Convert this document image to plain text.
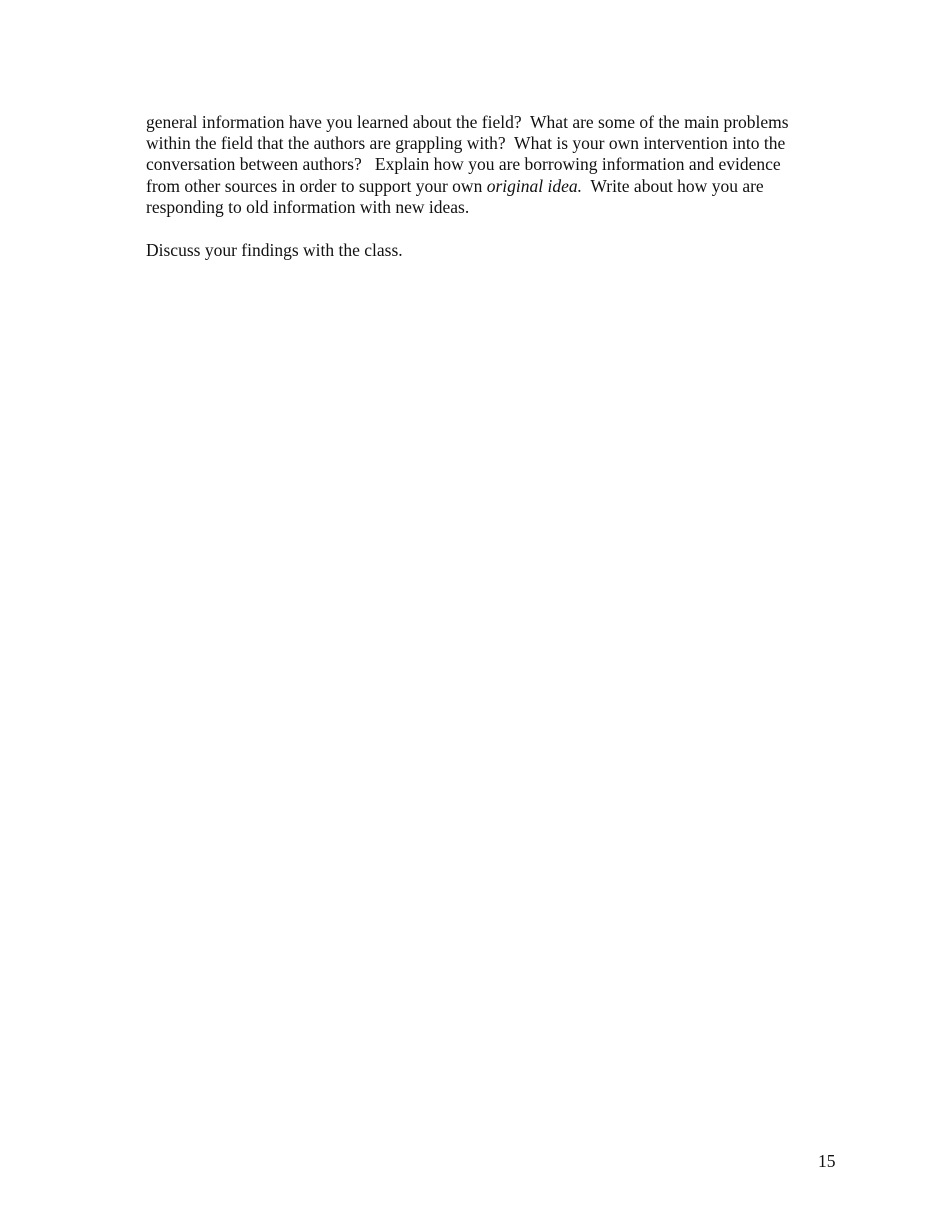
general information have you learned about the field?  What are some of the main problems
within the field that the authors are grappling with?  What is your own intervention into the
conversation between authors?   Explain how you are borrowing information and evidence
from other sources in order to support your own original idea.  Write about how you are
responding to old information with new ideas.
Discuss your findings with the class.
15
